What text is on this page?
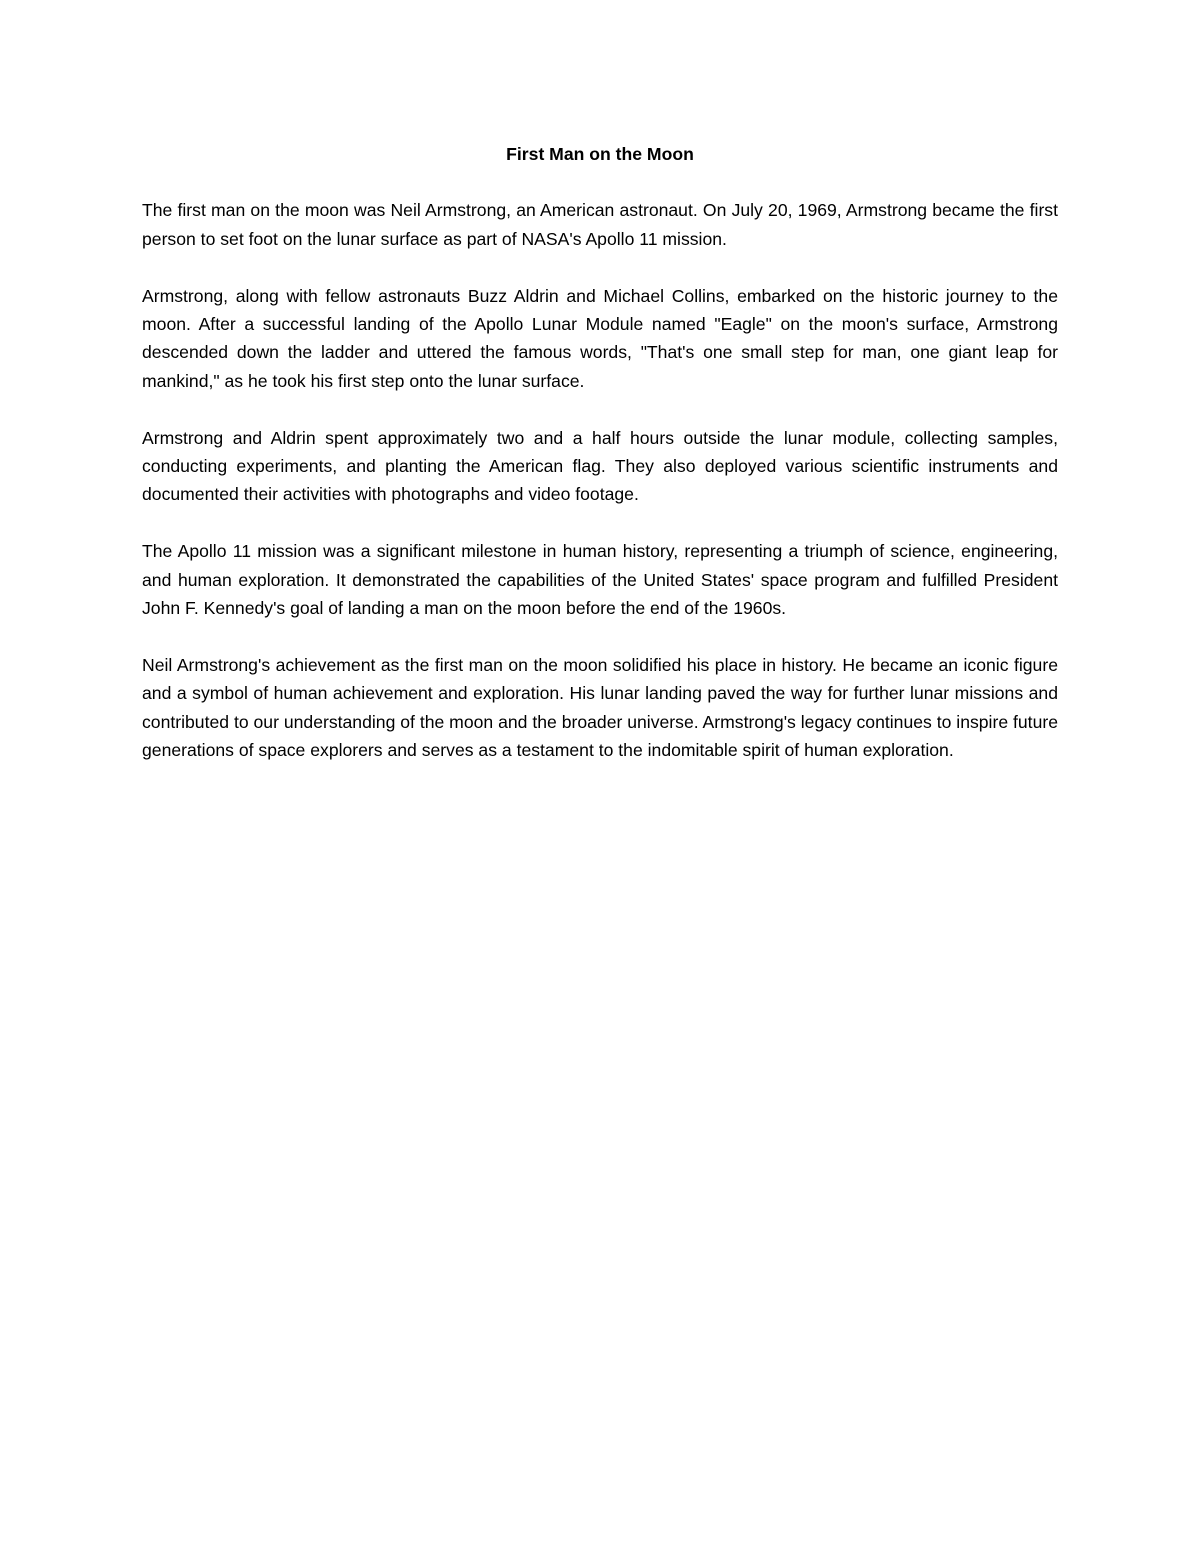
First Man on the Moon

The first man on the moon was Neil Armstrong, an American astronaut. On July 20, 1969, Armstrong became the first person to set foot on the lunar surface as part of NASA's Apollo 11 mission.

Armstrong, along with fellow astronauts Buzz Aldrin and Michael Collins, embarked on the historic journey to the moon. After a successful landing of the Apollo Lunar Module named "Eagle" on the moon's surface, Armstrong descended down the ladder and uttered the famous words, "That's one small step for man, one giant leap for mankind," as he took his first step onto the lunar surface.

Armstrong and Aldrin spent approximately two and a half hours outside the lunar module, collecting samples, conducting experiments, and planting the American flag. They also deployed various scientific instruments and documented their activities with photographs and video footage.

The Apollo 11 mission was a significant milestone in human history, representing a triumph of science, engineering, and human exploration. It demonstrated the capabilities of the United States' space program and fulfilled President John F. Kennedy's goal of landing a man on the moon before the end of the 1960s.

Neil Armstrong's achievement as the first man on the moon solidified his place in history. He became an iconic figure and a symbol of human achievement and exploration. His lunar landing paved the way for further lunar missions and contributed to our understanding of the moon and the broader universe. Armstrong's legacy continues to inspire future generations of space explorers and serves as a testament to the indomitable spirit of human exploration.
